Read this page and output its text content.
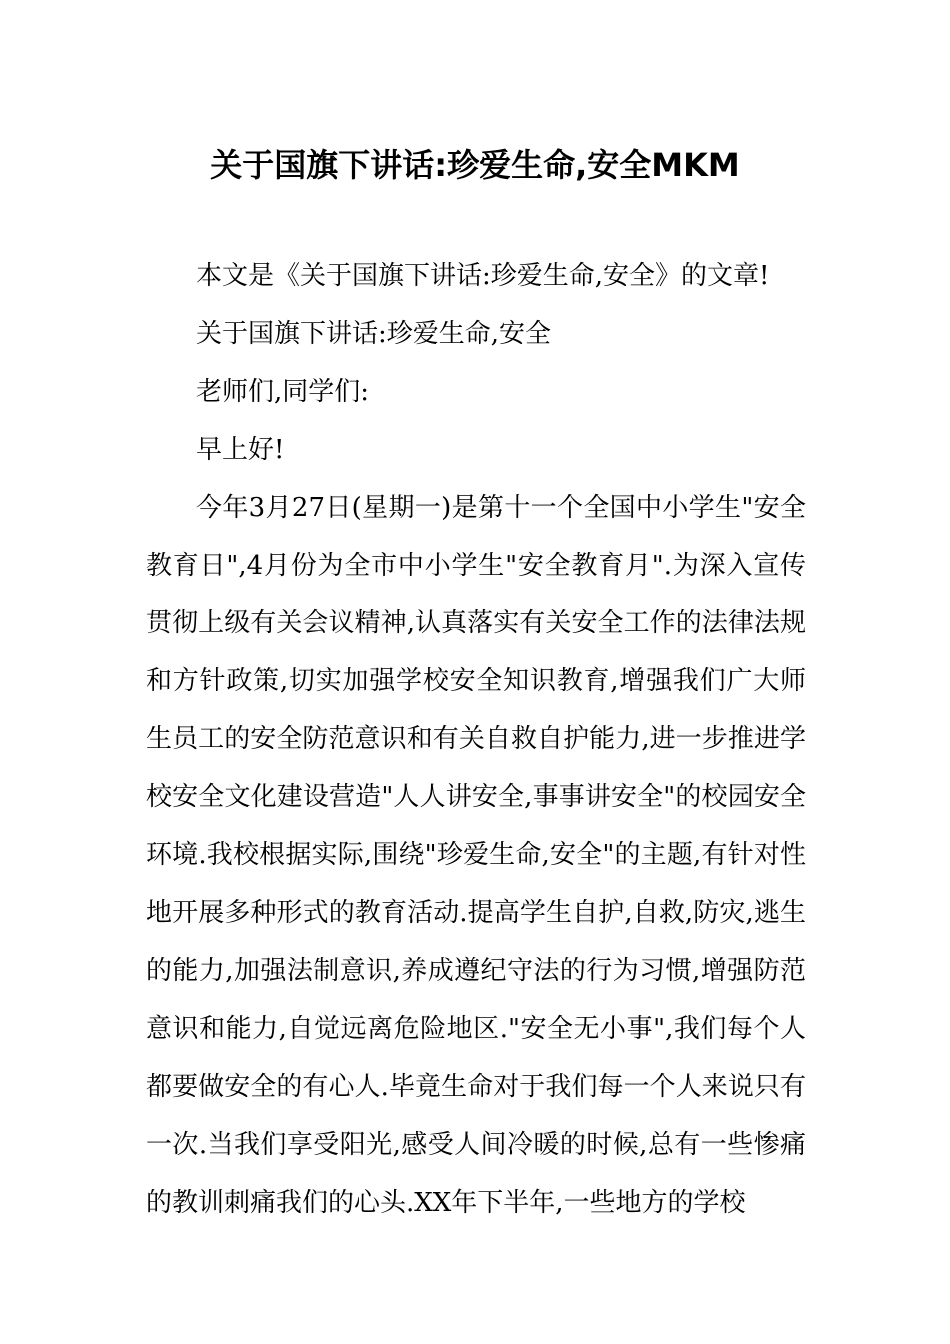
关于国旗下讲话:珍爱生命,安全MKM

本文是《关于国旗下讲话:珍爱生命,安全》的文章!

关于国旗下讲话:珍爱生命,安全

老师们,同学们:

早上好!

今年3月27日(星期一)是第十一个全国中小学生"安全教育日",4月份为全市中小学生"安全教育月".为深入宣传贯彻上级有关会议精神,认真落实有关安全工作的法律法规和方针政策,切实加强学校安全知识教育,增强我们广大师生员工的安全防范意识和有关自救自护能力,进一步推进学校安全文化建设营造"人人讲安全,事事讲安全"的校园安全环境.我校根据实际,围绕"珍爱生命,安全"的主题,有针对性地开展多种形式的教育活动.提高学生自护,自救,防灾,逃生的能力,加强法制意识,养成遵纪守法的行为习惯,增强防范意识和能力,自觉远离危险地区."安全无小事",我们每个人都要做安全的有心人.毕竟生命对于我们每一个人来说只有一次.当我们享受阳光,感受人间冷暖的时候,总有一些惨痛的教训刺痛我们的心头.XX年下半年,一些地方的学校
